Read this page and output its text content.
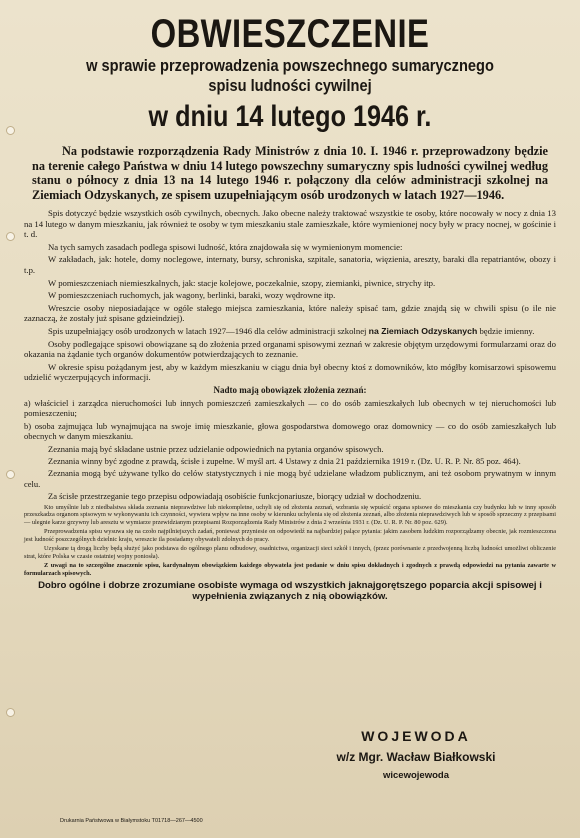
OBWIESZCZENIE

w sprawie przeprowadzenia powszechnego sumarycznego

spisu ludności cywilnej

w dniu 14 lutego 1946 r.

Na podstawie rozporządzenia Rady Ministrów z dnia 10. I. 1946 r. przeprowadzony będzie na terenie całego Państwa w dniu 14 lutego powszechny sumaryczny spis ludności cywilnej według stanu o północy z dnia 13 na 14 lutego 1946 r. połączony dla celów administracji szkolnej na Ziemiach Odzyskanych, ze spisem uzupełniającym osób urodzonych w latach 1927—1946.

Spis dotyczyć będzie wszystkich osób cywilnych, obecnych. Jako obecne należy traktować wszystkie te osoby, które nocowały w nocy z dnia 13 na 14 lutego w danym mieszkaniu, jak również te osoby w tym mieszkaniu stale zamieszkałe, które wymienionej nocy były w pracy nocnej, w gościnie i t. d.

Na tych samych zasadach podlega spisowi ludność, która znajdowała się w wymienionym momencie:

W zakładach, jak: hotele, domy noclegowe, internaty, bursy, schroniska, szpitale, sanatoria, więzienia, areszty, baraki dla repatriantów, obozy i t.p.

W pomieszczeniach niemieszkalnych, jak: stacje kolejowe, poczekalnie, szopy, ziemianki, piwnice, strychy itp.

W pomieszczeniach ruchomych, jak wagony, berlinki, baraki, wozy wędrowne itp.

Wreszcie osoby nieposiadające w ogóle stałego miejsca zamieszkania, które należy spisać tam, gdzie znajdą się w chwili spisu (o ile nie zaznaczą, że zostały już spisane gdzieindziej).

Spis uzupełniający osób urodzonych w latach 1927—1946 dla celów administracji szkolnej na Ziemiach Odzyskanych będzie imienny.

Osoby podlegające spisowi obowiązane są do złożenia przed organami spisowymi zeznań w zakresie objętym urzędowymi formularzami oraz do okazania na żądanie tych organów dokumentów potwierdzających to zeznanie.

W okresie spisu pożądanym jest, aby w każdym mieszkaniu w ciągu dnia był obecny ktoś z domowników, kto mógłby komisarzowi spisowemu udzielić wyczerpujących informacji.

Nadto mają obowiązek złożenia zeznań:

a) właściciel i zarządca nieruchomości lub innych pomieszczeń zamieszkałych — co do osób zamieszkałych lub obecnych w tej nieruchomości lub pomieszczeniu;

b) osoba zajmująca lub wynajmująca na swoje imię mieszkanie, głowa gospodarstwa domowego oraz domownicy — co do osób zamieszkałych lub obecnych w danym mieszkaniu.

Zeznania mają być składane ustnie przez udzielanie odpowiednich na pytania organów spisowych.

Zeznania winny być zgodne z prawdą, ścisłe i zupełne. W myśl art. 4 Ustawy z dnia 21 października 1919 r. (Dz. U. R. P. Nr. 85 poz. 464).

Zeznania mogą być używane tylko do celów statystycznych i nie mogą być udzielane władzom publicznym, ani też osobom prywatnym w innym celu.

Za ścisłe przestrzeganie tego przepisu odpowiadają osobiście funkcjonariusze, biorący udział w dochodzeniu.

Kto umyślnie lub z niedbalstwa składa zeznania nieprawdziwe lub niekompletne, uchyli się od złożenia zeznań, wzbrania się wpuścić organa spisowe do mieszkania czy budynku lub w inny sposób przeszkadza organom spisowym w wykonywaniu ich czynności, wywiera wpływ na inne osoby w kierunku uchylenia się od złożenia zeznań, albo złożenia nieprawdziwych lub w sposób sprzeczny z przepisami — ulegnie karze grzywny lub aresztu w wymiarze przewidzianym przepisami Rozporządzenia Rady Ministrów z dnia 2 września 1931 r. (Dz. U. R. P. Nr. 80 poz. 629).

Przeprowadzenia spisu wysuwa się na czoło najpilniejszych zadań, ponieważ przyniesie on odpowiedź na najbardziej palące pytania: jakim zasobem ludzkim rozporządzamy obecnie, jak rozmieszczona jest ludność poszczególnych dzielnic kraju, wreszcie ila posiadamy obywateli zdolnych do pracy.

Uzyskane tą drogą liczby będą służyć jako podstawa do ogólnego planu odbudowy, osadnictwa, organizacji sieci szkół i innych, (przez porównanie z przedwojenną liczbą ludności umożliwi obliczenie strat, które Polska w czasie ostatniej wojny poniosła).

Z uwagi na to szczególne znaczenie spisu, kardynalnym obowiązkiem każdego obywatela jest podanie w dniu spisu dokładnych i zgodnych z prawdą odpowiedzi na pytania zawarte w formularzach spisowych.

Dobro ogólne i dobrze zrozumiane osobiste wymaga od wszystkich jaknajgorętszego poparcia akcji spisowej i wypełnienia związanych z nią obowiązków.

WOJEWODA

w/z Mgr. Wacław Białkowski

wicewojewoda

Drukarnia Państwowa w Białymstoku T01718—267—4500
